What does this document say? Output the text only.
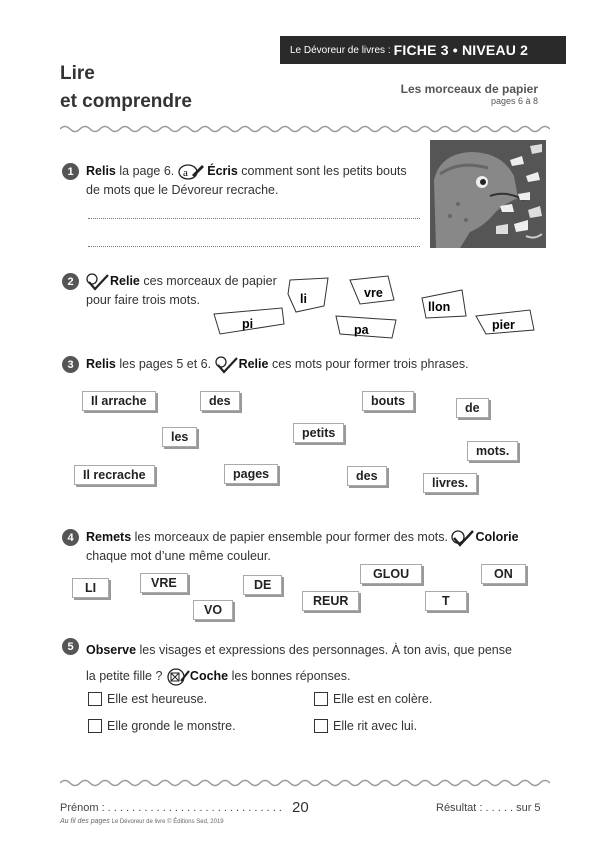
Le Dévoreur de livres : FICHE 3 • NIVEAU 2
Lire
et comprendre
Les morceaux de papier
pages 6 à 8
1 Relis la page 6. a Écris comment sont les petits bouts
de mots que le Dévoreur recrache.
2	Relie ces morceaux de papier
pour faire trois mots.	li	vre
pi	pa
llon
pier
3 Relis les pages 5 et 6. Relie ces mots pour former trois phrases.
Il arrache	des	bouts	de
les	petits
mots.
Il recrache	pages	des	livres.
4 Remets les morceaux de papier ensemble pour former des mots. Colorie
chaque mot d’une même couleur.
LI	VRE	DE
GLOU	ON
VO
REUR	T
5 Observe les visages et expressions des personnages. À ton avis, que pense
la petite fille ? Coche les bonnes réponses.
Elle est heureuse.	Elle est en colère.
Elle gronde le monstre.	Elle rit avec lui.
Prénom : . . . . . . . . . . . . . . . . . . . . . . . . . . . . . 20	Résultat : . . . . . sur 5
Au fil des pages Le Dévoreur de livre © Éditions Sed, 2019
